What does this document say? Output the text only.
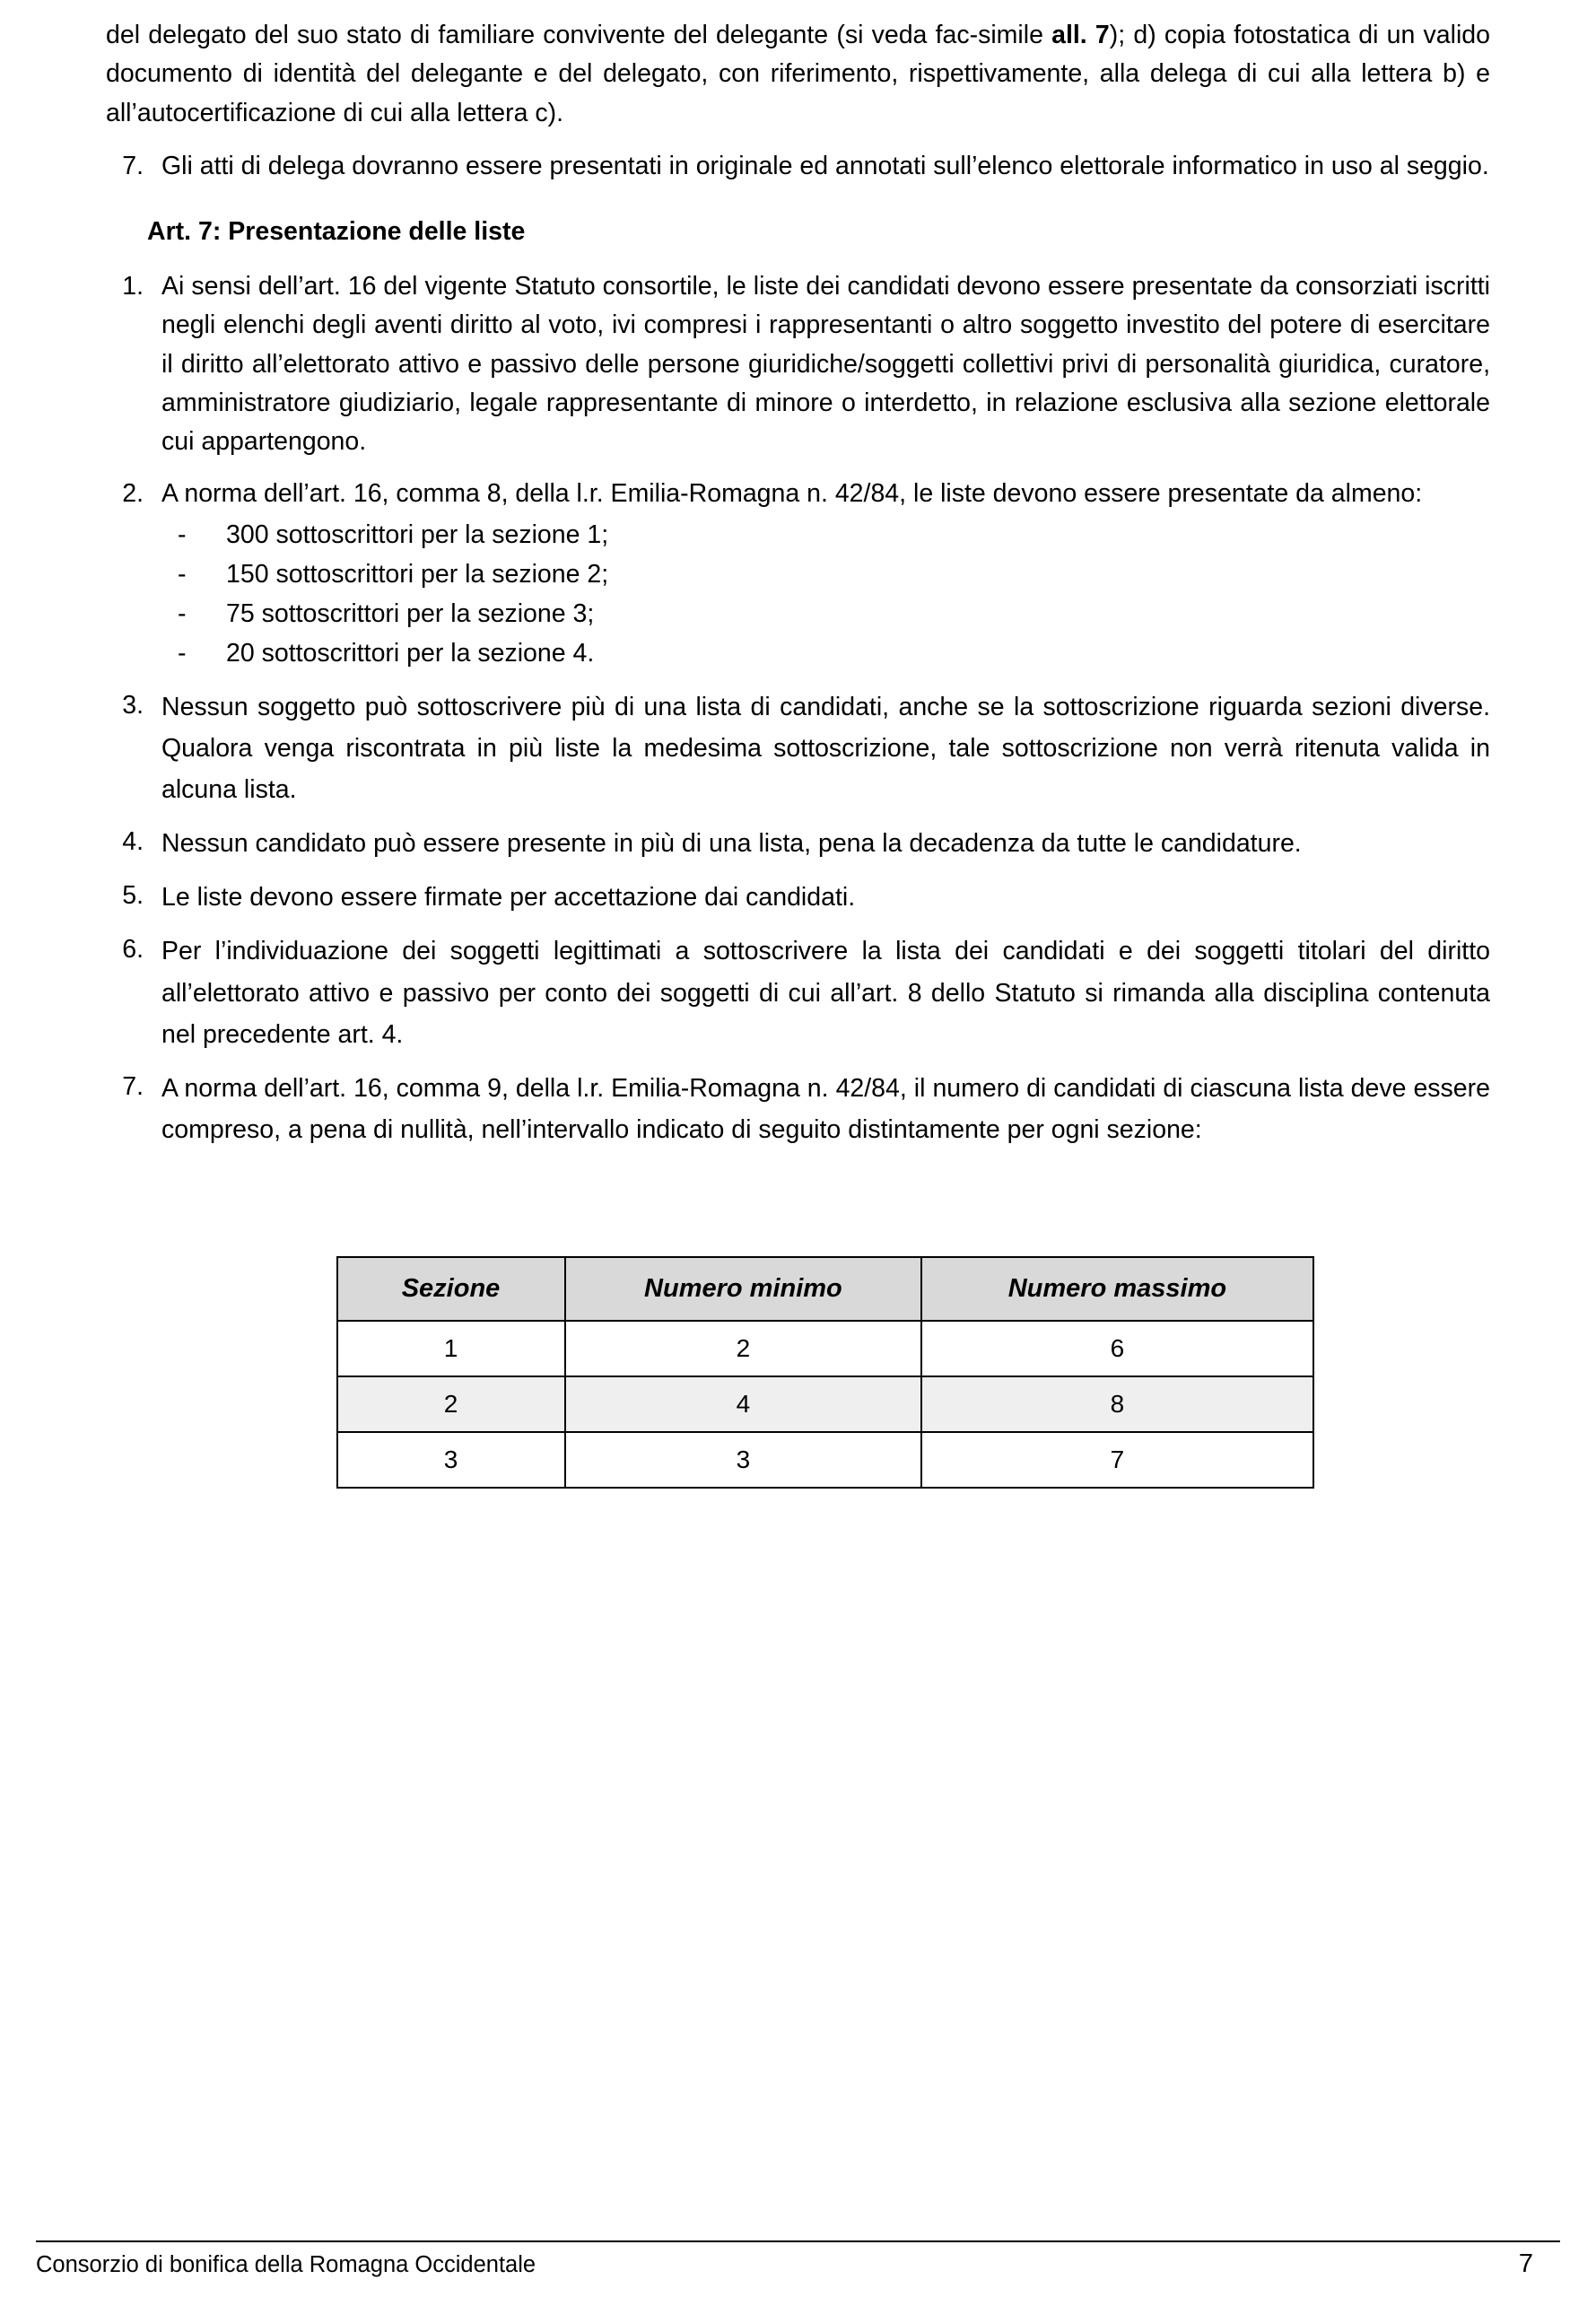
del delegato del suo stato di familiare convivente del delegante (si veda fac-simile all. 7); d) copia fotostatica di un valido documento di identità del delegante e del delegato, con riferimento, rispettivamente, alla delega di cui alla lettera b) e all’autocertificazione di cui alla lettera c).

7. Gli atti di delega dovranno essere presentati in originale ed annotati sull’elenco elettorale informatico in uso al seggio.
Art. 7: Presentazione delle liste
1. Ai sensi dell’art. 16 del vigente Statuto consortile, le liste dei candidati devono essere presentate da consorziati iscritti negli elenchi degli aventi diritto al voto, ivi compresi i rappresentanti o altro soggetto investito del potere di esercitare il diritto all’elettorato attivo e passivo delle persone giuridiche/soggetti collettivi privi di personalità giuridica, curatore, amministratore giudiziario, legale rappresentante di minore o interdetto, in relazione esclusiva alla sezione elettorale cui appartengono.
2. A norma dell’art. 16, comma 8, della l.r. Emilia-Romagna n. 42/84, le liste devono essere presentate da almeno:
-	300 sottoscrittori per la sezione 1;
-	150 sottoscrittori per la sezione 2;
-	75 sottoscrittori per la sezione 3;
-	20 sottoscrittori per la sezione 4.
3. Nessun soggetto può sottoscrivere più di una lista di candidati, anche se la sottoscrizione riguarda sezioni diverse. Qualora venga riscontrata in più liste la medesima sottoscrizione, tale sottoscrizione non verrà ritenuta valida in alcuna lista.
4. Nessun candidato può essere presente in più di una lista, pena la decadenza da tutte le candidature.
5. Le liste devono essere firmate per accettazione dai candidati.
6. Per l’individuazione dei soggetti legittimati a sottoscrivere la lista dei candidati e dei soggetti titolari del diritto all’elettorato attivo e passivo per conto dei soggetti di cui all’art. 8 dello Statuto si rimanda alla disciplina contenuta nel precedente art. 4.
7. A norma dell’art. 16, comma 9, della l.r. Emilia-Romagna n. 42/84, il numero di candidati di ciascuna lista deve essere compreso, a pena di nullità, nell’intervallo indicato di seguito distintamente per ogni sezione:
Sezione	Numero minimo	Numero massimo
1	2	6
2	4	8
3	3	7
Consorzio di bonifica della Romagna Occidentale	7
